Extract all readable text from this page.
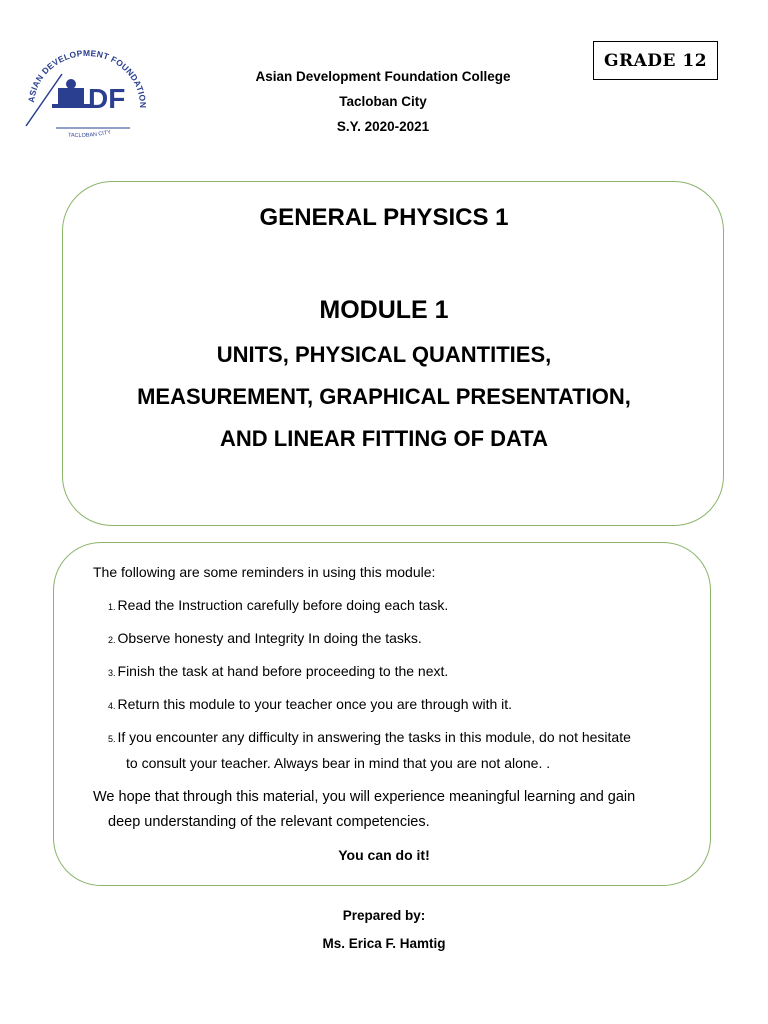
ASIAN DEVELOPMENT FOUNDATION
DF
TACLOBAN CITY
GRADE 12
Asian Development Foundation College
Tacloban City
S.Y. 2020-2021
GENERAL PHYSICS 1
MODULE 1
UNITS, PHYSICAL QUANTITIES,
MEASUREMENT, GRAPHICAL PRESENTATION,
AND LINEAR FITTING OF DATA
The following are some reminders in using this module:
1. Read the Instruction carefully before doing each task.
2. Observe honesty and Integrity In doing the tasks.
3. Finish the task at hand before proceeding to the next.
4. Return this module to your teacher once you are through with it.
5. If you encounter any difficulty in answering the tasks in this module, do not hesitate
to consult your teacher. Always bear in mind that you are not alone. .
We hope that through this material, you will experience meaningful learning and gain
deep understanding of the relevant competencies.
You can do it!
Prepared by:
Ms. Erica F. Hamtig
